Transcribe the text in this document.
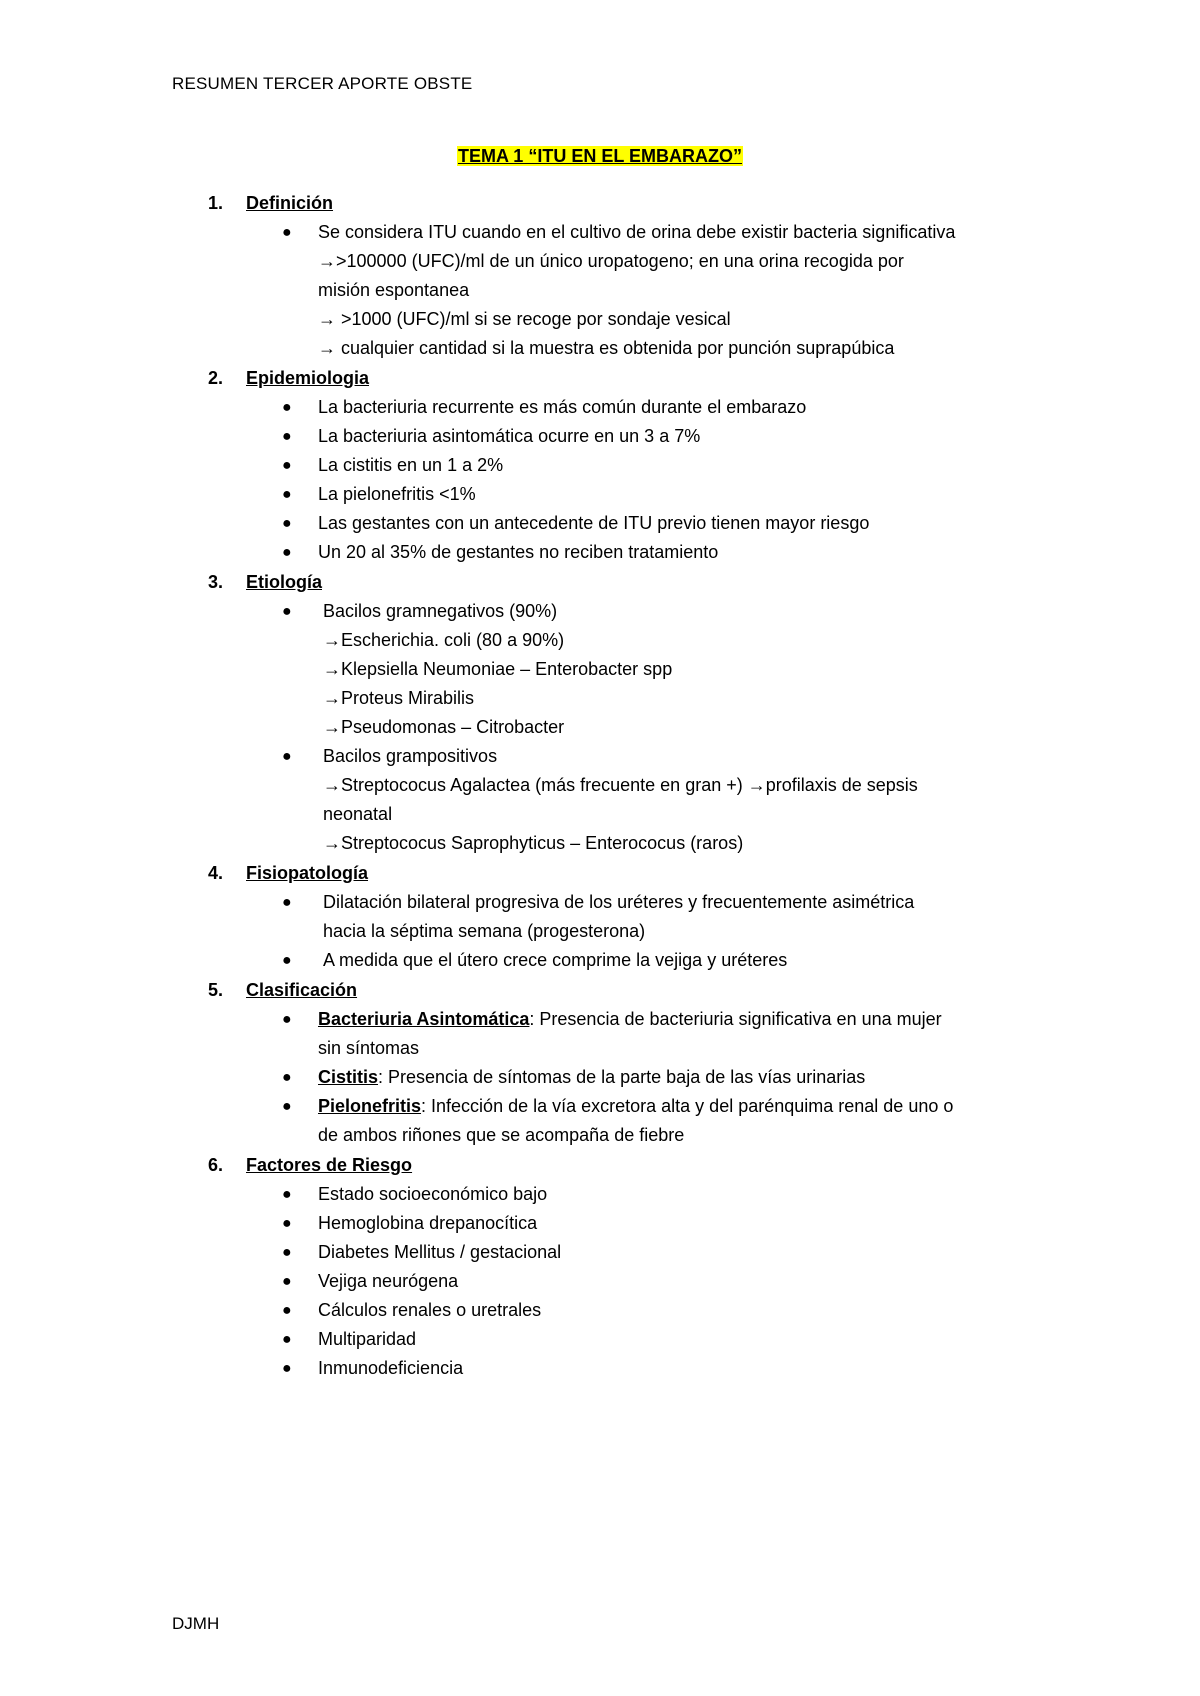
RESUMEN TERCER APORTE OBSTE
TEMA 1 “ITU EN EL EMBARAZO”
1. Definición
● Se considera ITU cuando en el cultivo de orina debe existir bacteria significativa
→>100000 (UFC)/ml de un único uropatogeno; en una orina recogida por
misión espontanea
→ >1000 (UFC)/ml si se recoge por sondaje vesical
→ cualquier cantidad si la muestra es obtenida por punción suprapúbica
2. Epidemiologia
● La bacteriuria recurrente es más común durante el embarazo
● La bacteriuria asintomática ocurre en un 3 a 7%
● La cistitis en un 1 a 2%
● La pielonefritis <1%
● Las gestantes con un antecedente de ITU previo tienen mayor riesgo
● Un 20 al 35% de gestantes no reciben tratamiento
3. Etiología
● Bacilos gramnegativos (90%)
→Escherichia. coli (80 a 90%)
→Klepsiella Neumoniae – Enterobacter spp
→Proteus Mirabilis
→Pseudomonas – Citrobacter
● Bacilos grampositivos
→Streptococus Agalactea (más frecuente en gran +) →profilaxis de sepsis
neonatal
→Streptococus Saprophyticus – Enterococus (raros)
4. Fisiopatología
● Dilatación bilateral progresiva de los uréteres y frecuentemente asimétrica
hacia la séptima semana (progesterona)
● A medida que el útero crece comprime la vejiga y uréteres
5. Clasificación
● Bacteriuria Asintomática: Presencia de bacteriuria significativa en una mujer
sin síntomas
● Cistitis: Presencia de síntomas de la parte baja de las vías urinarias
● Pielonefritis: Infección de la vía excretora alta y del parénquima renal de uno o
de ambos riñones que se acompaña de fiebre
6. Factores de Riesgo
● Estado socioeconómico bajo
● Hemoglobina drepanocítica
● Diabetes Mellitus / gestacional
● Vejiga neurógena
● Cálculos renales o uretrales
● Multiparidad
● Inmunodeficiencia
DJMH
